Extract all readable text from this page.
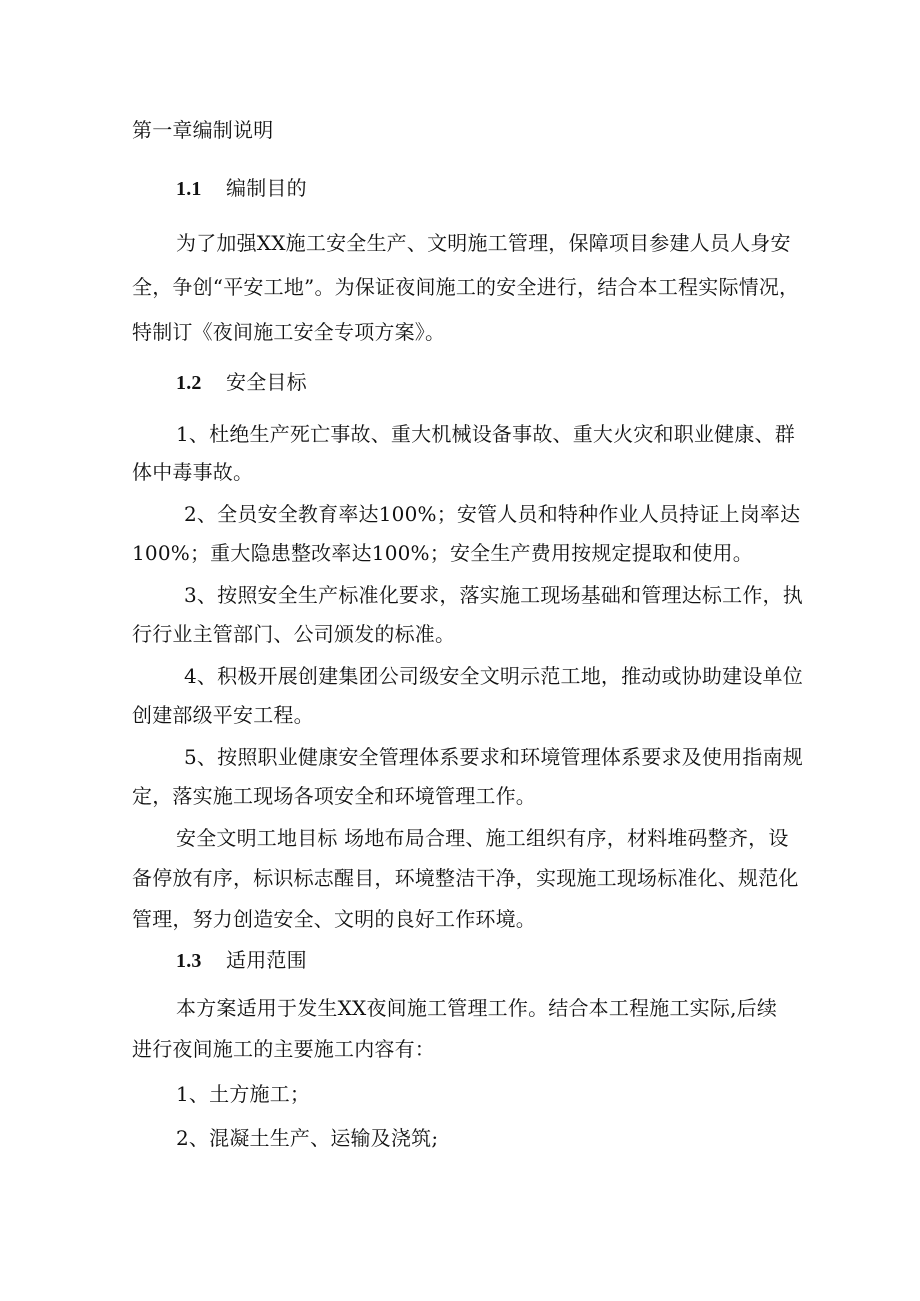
第一章编制说明
1.1 编制目的
为了加强XX施工安全生产、文明施工管理，保障项目参建人员人身安
全，争创“平安工地”。为保证夜间施工的安全进行，结合本工程实际情况，
特制订《夜间施工安全专项方案》。
1.2 安全目标
1、杜绝生产死亡事故、重大机械设备事故、重大火灾和职业健康、群
体中毒事故。
2、全员安全教育率达100%；安管人员和特种作业人员持证上岗率达
100%；重大隐患整改率达100%；安全生产费用按规定提取和使用。
3、按照安全生产标准化要求，落实施工现场基础和管理达标工作，执
行行业主管部门、公司颁发的标准。
4、积极开展创建集团公司级安全文明示范工地，推动或协助建设单位
创建部级平安工程。
5、按照职业健康安全管理体系要求和环境管理体系要求及使用指南规
定，落实施工现场各项安全和环境管理工作。
安全文明工地目标 场地布局合理、施工组织有序，材料堆码整齐，设
备停放有序，标识标志醒目，环境整洁干净，实现施工现场标准化、规范化
管理，努力创造安全、文明的良好工作环境。
1.3 适用范围
本方案适用于发生XX夜间施工管理工作。结合本工程施工实际,后续
进行夜间施工的主要施工内容有：
1、土方施工；
2、混凝土生产、运输及浇筑;
